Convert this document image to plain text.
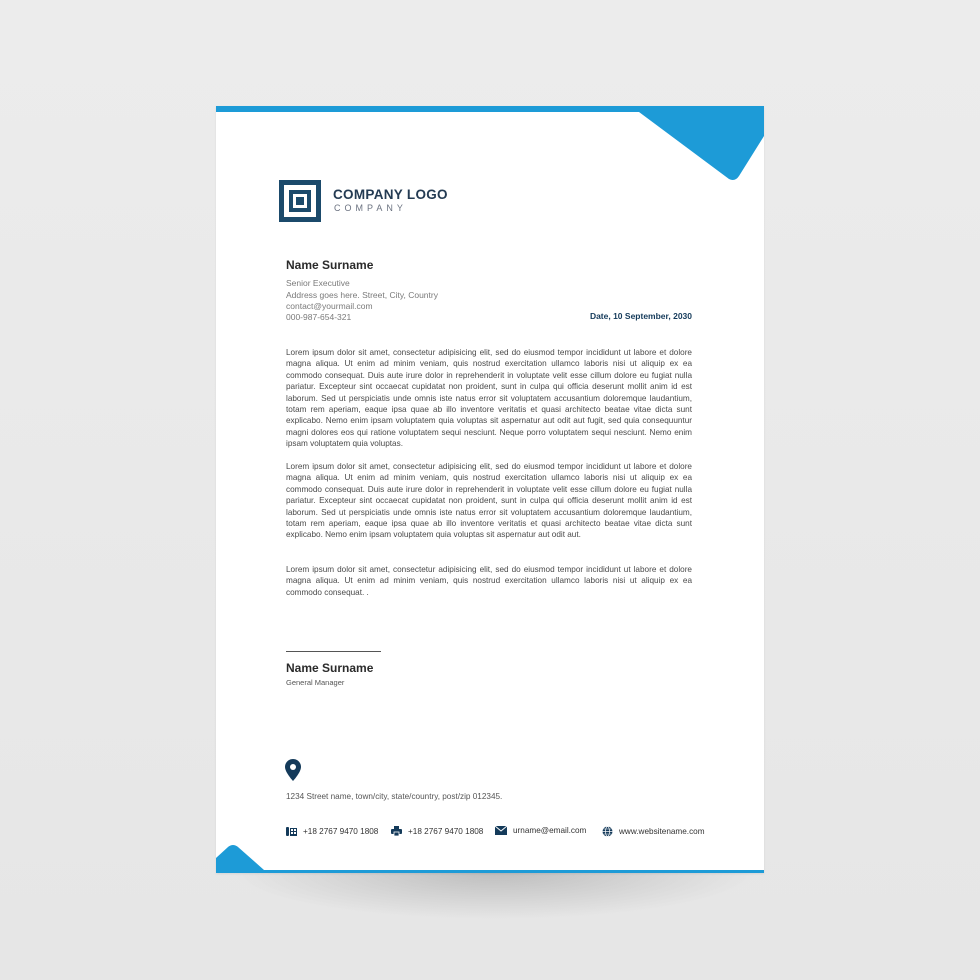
COMPANY LOGO
COMPANY
Name Surname
Senior Executive
Address goes here. Street, City, Country
contact@yourmail.com
000-987-654-321	Date, 10 September, 2030

Lorem ipsum dolor sit amet, consectetur adipisicing elit, sed do eiusmod tempor incididunt ut labore et dolore magna aliqua. Ut enim ad minim veniam, quis nostrud exercitation ullamco laboris nisi ut aliquip ex ea commodo consequat. Duis aute irure dolor in reprehenderit in voluptate velit esse cillum dolore eu fugiat nulla pariatur. Excepteur sint occaecat cupidatat non proident, sunt in culpa qui officia deserunt mollit anim id est laborum. Sed ut perspiciatis unde omnis iste natus error sit voluptatem accusantium doloremque laudantium, totam rem aperiam, eaque ipsa quae ab illo inventore veritatis et quasi architecto beatae vitae dicta sunt explicabo. Nemo enim ipsam voluptatem quia voluptas sit aspernatur aut odit aut fugit, sed quia consequuntur magni dolores eos qui ratione voluptatem sequi nesciunt. Neque porro voluptatem sequi nesciunt. Nemo enim ipsam voluptatem quia voluptas.

Lorem ipsum dolor sit amet, consectetur adipisicing elit, sed do eiusmod tempor incididunt ut labore et dolore magna aliqua. Ut enim ad minim veniam, quis nostrud exercitation ullamco laboris nisi ut aliquip ex ea commodo consequat. Duis aute irure dolor in reprehenderit in voluptate velit esse cillum dolore eu fugiat nulla pariatur. Excepteur sint occaecat cupidatat non proident, sunt in culpa qui officia deserunt mollit anim id est laborum. Sed ut perspiciatis unde omnis iste natus error sit voluptatem accusantium doloremque laudantium, totam rem aperiam, eaque ipsa quae ab illo inventore veritatis et quasi architecto beatae vitae dicta sunt explicabo. Nemo enim ipsam voluptatem quia voluptas sit aspernatur aut odit aut.

Lorem ipsum dolor sit amet, consectetur adipisicing elit, sed do eiusmod tempor incididunt ut labore et dolore magna aliqua. Ut enim ad minim veniam, quis nostrud exercitation ullamco laboris nisi ut aliquip ex ea commodo consequat. .

Name Surname
General Manager
1234 Street name, town/city, state/country, post/zip 012345.
+18 2767 9470 1808	+18 2767 9470 1808	urname@email.com	www.websitename.com
